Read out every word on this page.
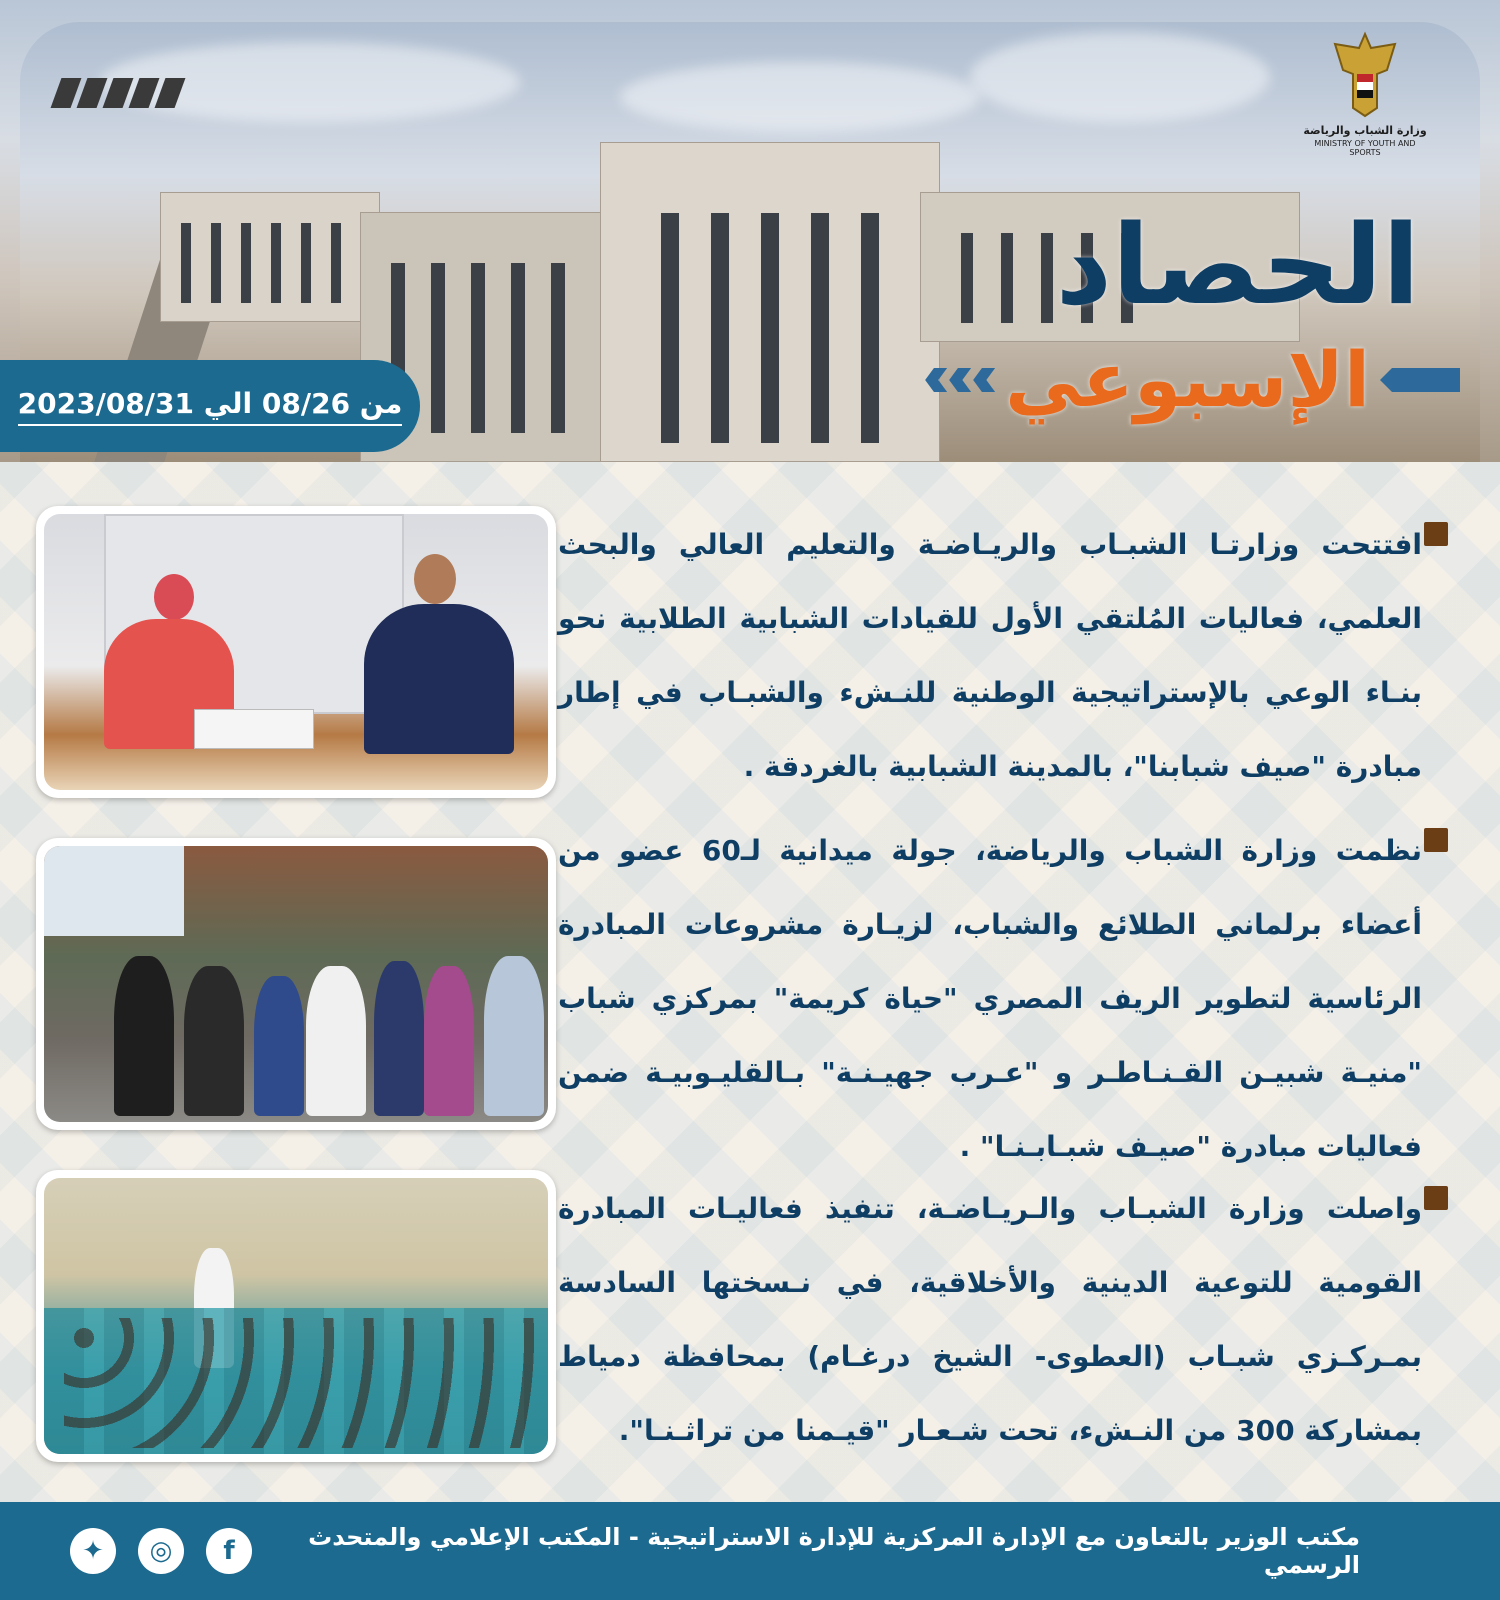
وزارة الشباب والرياضة
MINISTRY OF YOUTH AND SPORTS
الحصاد
الإسبوعي
من 08/26 الي 2023/08/31
افتتحت وزارتـا الشبـاب والريـاضـة والتعليم العالي والبحث العلمي، فعاليات المُلتقي الأول للقيادات الشبابية الطلابية نحو بنـاء الوعي بالإستراتيجية الوطنية للنـشء والشبـاب في إطار مبادرة "صيف شبابنا"، بالمدينة الشبابية بالغردقة .
نظمت وزارة الشباب والرياضة، جولة ميدانية لـ60 عضو من أعضاء برلماني الطلائع والشباب، لزيـارة مشروعات المبادرة الرئاسية لتطوير الريف المصري "حياة كريمة" بمركزي شباب "منيـة شبيـن القـنـاطـر و "عـرب جهيـنـة" بـالقليـوبيـة ضمن فعاليات مبادرة "صيـف شبـابـنـا" .
واصلت وزارة الشبـاب والـريـاضـة، تنفيذ فعاليـات المبادرة القومية للتوعية الدينية والأخلاقية، في نـسختها السادسة بمـركـزي شبـاب (العطوى- الشيخ درغـام) بمحافظة دمياط بمشاركة 300 من النـشء، تحت شـعـار "قيـمنا من تراثـنـا".
f
◎
✦	مكتب الوزير بالتعاون مع الإدارة المركزية للإدارة الاستراتيجية - المكتب الإعلامي والمتحدث الرسمي
